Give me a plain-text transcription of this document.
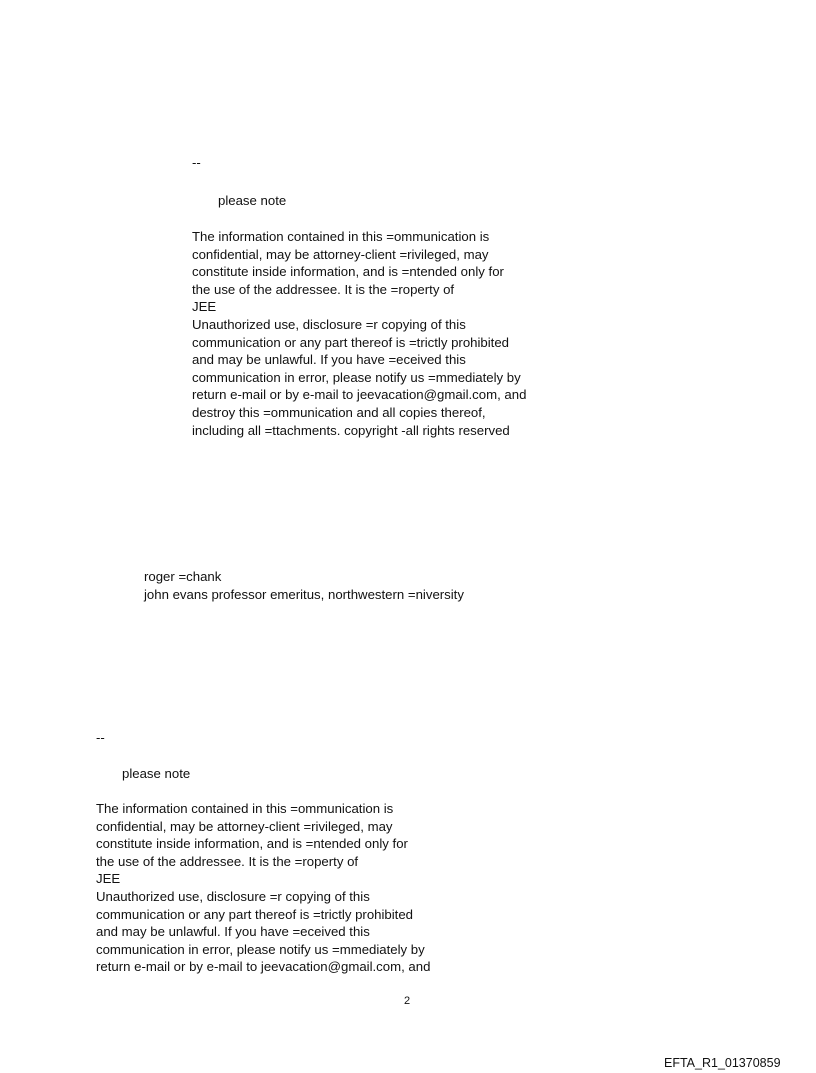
--
please note
The information contained in this =ommunication is
confidential, may be attorney-client =rivileged, may
constitute inside information, and is =ntended only for
the use of the addressee. It is the =roperty of
JEE
Unauthorized use, disclosure =r copying of this
communication or any part thereof is =trictly prohibited
and may be unlawful. If you have =eceived this
communication in error, please notify us =mmediately by
return e-mail or by e-mail to jeevacation@gmail.com, and
destroy this =ommunication and all copies thereof,
including all =ttachments. copyright -all rights reserved
roger =chank
john evans professor emeritus, northwestern =niversity
--
please note
The information contained in this =ommunication is
confidential, may be attorney-client =rivileged, may
constitute inside information, and is =ntended only for
the use of the addressee. It is the =roperty of
JEE
Unauthorized use, disclosure =r copying of this
communication or any part thereof is =trictly prohibited
and may be unlawful. If you have =eceived this
communication in error, please notify us =mmediately by
return e-mail or by e-mail to jeevacation@gmail.com, and
2
EFTA_R1_01370859
